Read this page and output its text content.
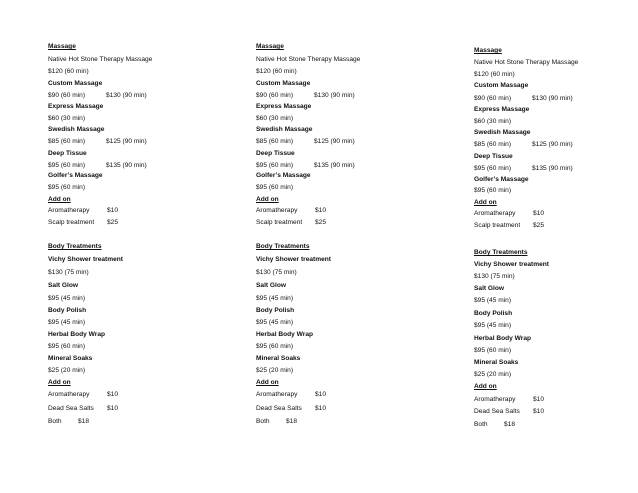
Massage
Native Hot Stone Therapy Massage
$120 (60 min)
Custom Massage
$90 (60 min)	$130 (90 min)
Express Massage
$60 (30 min)
Swedish Massage
$85 (60 min)	$125 (90 min)
Deep Tissue
$95 (60 min)	$135 (90 min)
Golfer’s Massage
$95 (60 min)
Add on
Aromatherapy	$10
Scalp treatment $25
Body Treatments
Vichy Shower treatment
$130 (75 min)
Salt Glow
$95 (45 min)
Body Polish
$95 (45 min)
Herbal Body Wrap
$95 (60 min)
Mineral Soaks
$25 (20 min)
Add on
Aromatherapy	$10
Dead Sea Salts $10
Both $18
Massage
Native Hot Stone Therapy Massage
$120 (60 min)
Custom Massage
$90 (60 min)	$130 (90 min)
Express Massage
$60 (30 min)
Swedish Massage
$85 (60 min)	$125 (90 min)
Deep Tissue
$95 (60 min)	$135 (90 min)
Golfer’s Massage
$95 (60 min)
Add on
Aromatherapy	$10
Scalp treatment $25
Body Treatments
Vichy Shower treatment
$130 (75 min)
Salt Glow
$95 (45 min)
Body Polish
$95 (45 min)
Herbal Body Wrap
$95 (60 min)
Mineral Soaks
$25 (20 min)
Add on
Aromatherapy	$10
Dead Sea Salts $10
Both $18
Massage
Native Hot Stone Therapy Massage
$120 (60 min)
Custom Massage
$90 (60 min)	$130 (90 min)
Express Massage
$60 (30 min)
Swedish Massage
$85 (60 min)	$125 (90 min)
Deep Tissue
$95 (60 min)	$135 (90 min)
Golfer’s Massage
$95 (60 min)
Add on
Aromatherapy	$10
Scalp treatment $25
Body Treatments
Vichy Shower treatment
$130 (75 min)
Salt Glow
$95 (45 min)
Body Polish
$95 (45 min)
Herbal Body Wrap
$95 (60 min)
Mineral Soaks
$25 (20 min)
Add on
Aromatherapy	$10
Dead Sea Salts $10
Both $18
